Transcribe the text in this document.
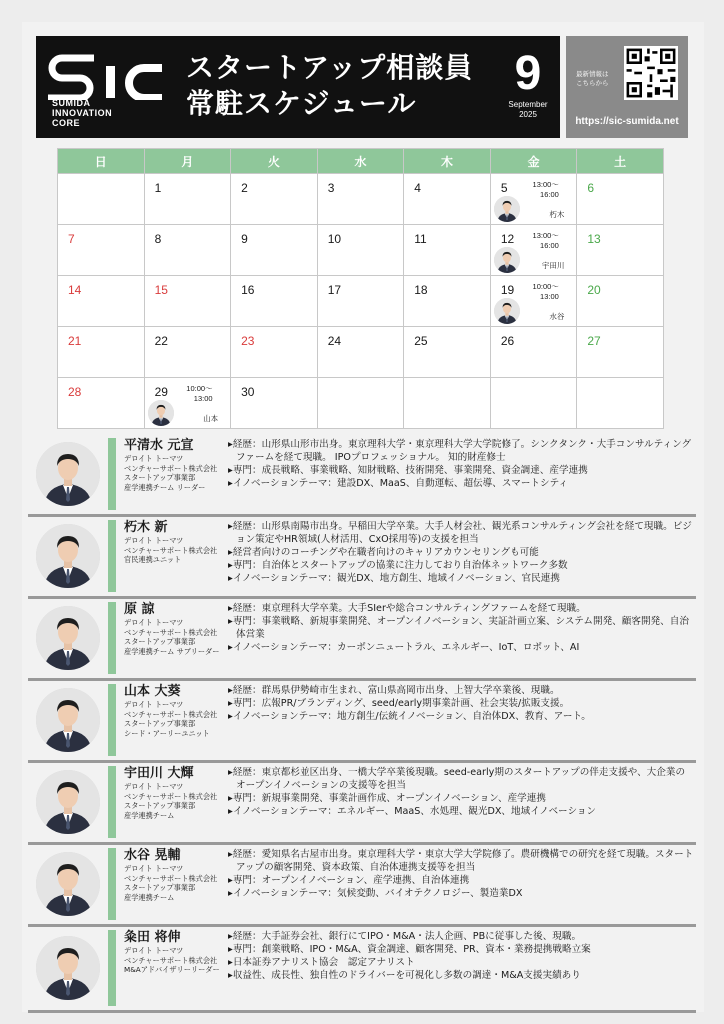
SUMIDA
INNOVATION
CORE
スタートアップ相談員
常駐スケジュール
9
September
2025
最新情報は
こちらから
https://sic-sumida.net
日	月	火	水	木	金	土

	1	2	3	4	5 13:00〜
16:00
朽木	6

7	8	9	10	11	12 13:00〜
16:00
宇田川	13

14	15	16	17	18	19 10:00〜
13:00
水谷	20

21	22	23	24	25	26	27

28	29 10:00〜
13:00
山本	30				

平清水 元宣
デロイト トーマツ
ベンチャーサポート株式会社
スタートアップ事業部
産学連携チーム リーダー
▸経歴：山形県山形市出身。東京理科大学・東京理科大学大学院修了。シンクタンク・大手コンサルティングファームを経て現職。 IPOプロフェッショナル。 知的財産修士
▸専門：成長戦略、事業戦略、知財戦略、技術開発、事業開発、資金調達、産学連携
▸イノベーションテーマ：建設DX、MaaS、自動運転、超伝導、スマートシティ
朽木 新
デロイト トーマツ
ベンチャーサポート株式会社
官民連携ユニット
▸経歴：山形県南陽市出身。早稲田大学卒業。大手人材会社、観光系コンサルティング会社を経て現職。ビジョン策定やHR領域(人材活用、CxO採用等)の支援を担当
▸経営者向けのコーチングや在職者向けのキャリアカウンセリングも可能
▸専門：自治体とスタートアップの協業に注力しており自治体ネットワーク多数
▸イノベーションテーマ：観光DX、地方創生、地域イノベーション、官民連携
原 諒
デロイト トーマツ
ベンチャーサポート株式会社
スタートアップ事業部
産学連携チーム サブリーダー
▸経歴：東京理科大学卒業。大手SIerや総合コンサルティングファームを経て現職。
▸専門：事業戦略、新規事業開発、オープンイノベーション、実証計画立案、システム開発、顧客開発、自治体営業
▸イノベーションテーマ：カーボンニュートラル、エネルギー、IoT、ロボット、AI
山本 大葵
デロイト トーマツ
ベンチャーサポート株式会社
スタートアップ事業部
シード・アーリーユニット
▸経歴：群馬県伊勢崎市生まれ、富山県高岡市出身、上智大学卒業後、現職。
▸専門：広報PR/ブランディング、seed/early期事業計画、社会実装/拡販支援。
▸イノベーションテーマ：地方創生/伝統イノベーション、自治体DX、教育、アート。
宇田川 大輝
デロイト トーマツ
ベンチャーサポート株式会社
スタートアップ事業部
産学連携チーム
▸経歴：東京都杉並区出身、一橋大学卒業後現職。seed-early期のスタートアップの伴走支援や、大企業のオープンイノベーションの支援等を担当
▸専門：新規事業開発、事業計画作成、オープンイノベーション、産学連携
▸イノベーションテーマ：エネルギー、MaaS、水処理、観光DX、地域イノベーション
水谷 晃輔
デロイト トーマツ
ベンチャーサポート株式会社
スタートアップ事業部
産学連携チーム
▸経歴：愛知県名古屋市出身。東京理科大学・東京大学大学院修了。農研機構での研究を経て現職。スタートアップの顧客開発、資本政策、自治体連携支援等を担当
▸専門：オープンイノベーション、産学連携、自治体連携
▸イノベーションテーマ：気候変動、バイオテクノロジー、製造業DX
粂田 将伸
デロイト トーマツ
ベンチャーサポート株式会社
M&Aアドバイザリーリーダー
▸経歴：大手証券会社、銀行にてIPO・M&A・法人企画、PBに従事した後、現職。
▸専門：創業戦略、IPO・M&A、資金調達、顧客開発、PR、資本・業務提携戦略立案
▸日本証券アナリスト協会　認定アナリスト
▸収益性、成長性、独自性のドライバーを可視化し多数の調達・M&A支援実績あり
